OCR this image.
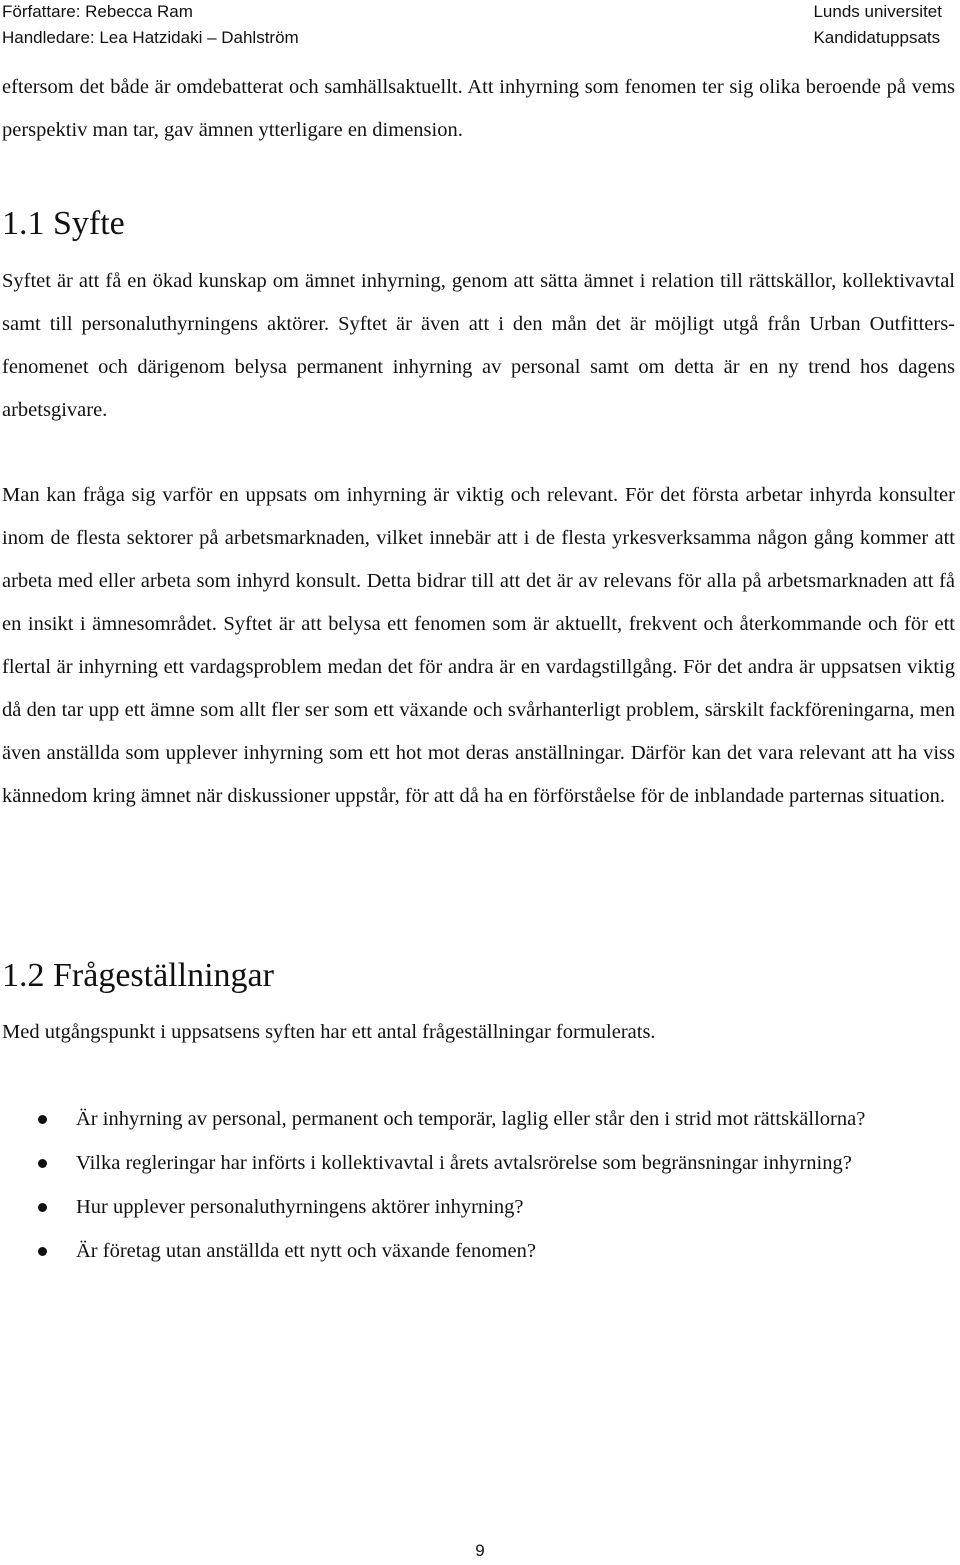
Författare: Rebecca Ram
Handledare: Lea Hatzidaki – Dahlström
Lunds universitet
Kandidatuppsats

eftersom det både är omdebatterat och samhällsaktuellt. Att inhyrning som fenomen ter sig olika beroende på vems perspektiv man tar, gav ämnen ytterligare en dimension.

1.1 Syfte

Syftet är att få en ökad kunskap om ämnet inhyrning, genom att sätta ämnet i relation till rättskällor, kollektivavtal samt till personaluthyrningens aktörer. Syftet är även att i den mån det är möjligt utgå från Urban Outfitters-fenomenet och därigenom belysa permanent inhyrning av personal samt om detta är en ny trend hos dagens arbetsgivare.

Man kan fråga sig varför en uppsats om inhyrning är viktig och relevant. För det första arbetar inhyrda konsulter inom de flesta sektorer på arbetsmarknaden, vilket innebär att i de flesta yrkesverksamma någon gång kommer att arbeta med eller arbeta som inhyrd konsult. Detta bidrar till att det är av relevans för alla på arbetsmarknaden att få en insikt i ämnesområdet. Syftet är att belysa ett fenomen som är aktuellt, frekvent och återkommande och för ett flertal är inhyrning ett vardagsproblem medan det för andra är en vardagstillgång. För det andra är uppsatsen viktig då den tar upp ett ämne som allt fler ser som ett växande och svårhanterligt problem, särskilt fackföreningarna, men även anställda som upplever inhyrning som ett hot mot deras anställningar. Därför kan det vara relevant att ha viss kännedom kring ämnet när diskussioner uppstår, för att då ha en förförståelse för de inblandade parternas situation.

1.2 Frågeställningar

Med utgångspunkt i uppsatsens syften har ett antal frågeställningar formulerats.

Är inhyrning av personal, permanent och temporär, laglig eller står den i strid mot rättskällorna?
Vilka regleringar har införts i kollektivavtal i årets avtalsrörelse som begränsningar inhyrning?
Hur upplever personaluthyrningens aktörer inhyrning?
Är företag utan anställda ett nytt och växande fenomen?
9
